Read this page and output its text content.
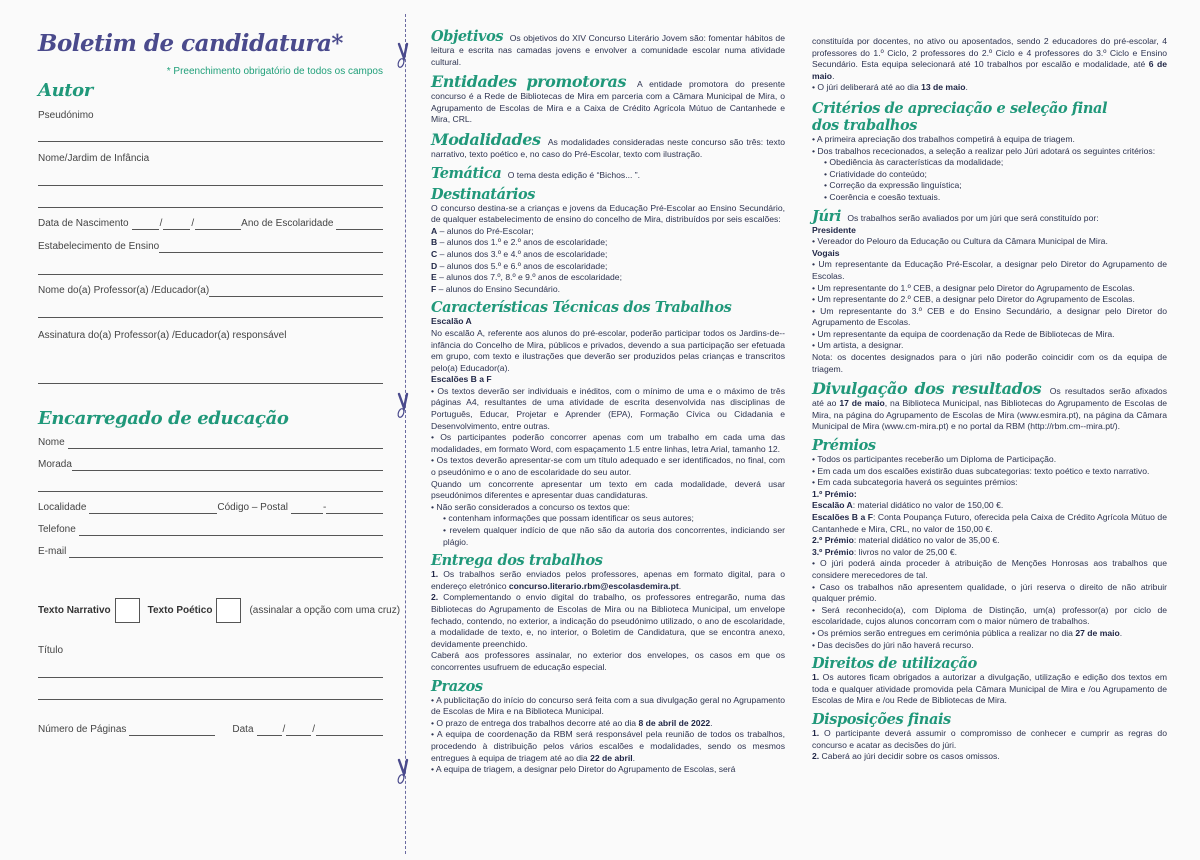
Boletim de candidatura*
* Preenchimento obrigatório de todos os campos
Autor
Pseudónimo
Nome/Jardim de Infância
Data de Nascimento	/	/	Ano de Escolaridade
Estabelecimento de Ensino
Nome do(a) Professor(a) /Educador(a)
Assinatura do(a) Professor(a) /Educador(a) responsável
Encarregado de educação
Nome
Morada
Localidade	Código – Postal	-
Telefone
E-mail
Texto Narrativo	Texto Poético	(assinalar a opção com uma cruz)
Título
Número de Páginas	Data	/	/
Objetivos Os objetivos do XIV Concurso Literário Jovem são: fomentar hábitos de leitura e escrita nas camadas jovens e envolver a comunidade escolar numa atividade cultural.
Entidades promotoras A entidade promotora do presente concurso é a Rede de Bibliotecas de Mira em parceria com a Câmara Municipal de Mira, o Agrupamento de Escolas de Mira e a Caixa de Crédito Agrícola Mútuo de Cantanhede e Mira, CRL.
Modalidades As modalidades consideradas neste concurso são três: texto narrativo, texto poético e, no caso do Pré-Escolar, texto com ilustração.
Temática O tema desta edição é “Bichos... ”.
Destinatários
O concurso destina-se a crianças e jovens da Educação Pré-Escolar ao Ensino Secundário, de qualquer estabelecimento de ensino do concelho de Mira, distribuídos por seis escalões:
A – alunos do Pré-Escolar;
B – alunos dos 1.º e 2.º anos de escolaridade;
C – alunos dos 3.º e 4.º anos de escolaridade;
D – alunos dos 5.º e 6.º anos de escolaridade;
E – alunos dos 7.º, 8.º e 9.º anos de escolaridade;
F – alunos do Ensino Secundário.
Características Técnicas dos Trabalhos
Escalão A
No escalão A, referente aos alunos do pré-escolar, poderão participar todos os Jardins-de--infância do Concelho de Mira, públicos e privados, devendo a sua participação ser efetuada em grupo, com texto e ilustrações que deverão ser produzidos pelas crianças e transcritos pelo(a) Educador(a).
Escalões B a F
• Os textos deverão ser individuais e inéditos, com o mínimo de uma e o máximo de três páginas A4, resultantes de uma atividade de escrita desenvolvida nas disciplinas de Português, Educar, Projetar e Aprender (EPA), Formação Cívica ou Cidadania e Desenvolvimento, entre outras.
• Os participantes poderão concorrer apenas com um trabalho em cada uma das modalidades, em formato Word, com espaçamento 1.5 entre linhas, letra Arial, tamanho 12.
• Os textos deverão apresentar-se com um título adequado e ser identificados, no final, com o pseudónimo e o ano de escolaridade do seu autor.
Quando um concorrente apresentar um texto em cada modalidade, deverá usar pseudónimos diferentes e apresentar duas candidaturas.
• Não serão considerados a concurso os textos que:
• contenham informações que possam identificar os seus autores;
• revelem qualquer indício de que não são da autoria dos concorrentes, indiciando ser plágio.
Entrega dos trabalhos
1. Os trabalhos serão enviados pelos professores, apenas em formato digital, para o endereço eletrónico concurso.literario.rbm@escolasdemira.pt.
2. Complementando o envio digital do trabalho, os professores entregarão, numa das Bibliotecas do Agrupamento de Escolas de Mira ou na Biblioteca Municipal, um envelope fechado, contendo, no exterior, a indicação do pseudónimo utilizado, o ano de escolaridade, a modalidade de texto, e, no interior, o Boletim de Candidatura, que se encontra anexo, devidamente preenchido.
Caberá aos professores assinalar, no exterior dos envelopes, os casos em que os concorrentes usufruem de educação especial.
Prazos
• A publicitação do início do concurso será feita com a sua divulgação geral no Agrupamento de Escolas de Mira e na Biblioteca Municipal.
• O prazo de entrega dos trabalhos decorre até ao dia 8 de abril de 2022.
• A equipa de coordenação da RBM será responsável pela reunião de todos os trabalhos, procedendo à distribuição pelos vários escalões e modalidades, sendo os mesmos entregues à equipa de triagem até ao dia 22 de abril.
• A equipa de triagem, a designar pelo Diretor do Agrupamento de Escolas, será
constituída por docentes, no ativo ou aposentados, sendo 2 educadores do pré-escolar, 4 professores do 1.º Ciclo, 2 professores do 2.º Ciclo e 4 professores do 3.º Ciclo e Ensino Secundário. Esta equipa selecionará até 10 trabalhos por escalão e modalidade, até 6 de maio.
• O júri deliberará até ao dia 13 de maio.
Critérios de apreciação e seleção final
dos trabalhos
• A primeira apreciação dos trabalhos competirá à equipa de triagem.
• Dos trabalhos rececionados, a seleção a realizar pelo Júri adotará os seguintes critérios:
• Obediência às características da modalidade;
• Criatividade do conteúdo;
• Correção da expressão linguística;
• Coerência e coesão textuais.
Júri Os trabalhos serão avaliados por um júri que será constituído por:
Presidente
• Vereador do Pelouro da Educação ou Cultura da Câmara Municipal de Mira.
Vogais
• Um representante da Educação Pré-Escolar, a designar pelo Diretor do Agrupamento de Escolas.
• Um representante do 1.º CEB, a designar pelo Diretor do Agrupamento de Escolas.
• Um representante do 2.º CEB, a designar pelo Diretor do Agrupamento de Escolas.
• Um representante do 3.º CEB e do Ensino Secundário, a designar pelo Diretor do Agrupamento de Escolas.
• Um representante da equipa de coordenação da Rede de Bibliotecas de Mira.
• Um artista, a designar.
Nota: os docentes designados para o júri não poderão coincidir com os da equipa de triagem.
Divulgação dos resultados Os resultados serão afixados até ao 17 de maio, na Biblioteca Municipal, nas Bibliotecas do Agrupamento de Escolas de Mira, na página do Agrupamento de Escolas de Mira (www.esmira.pt), na página da Câmara Municipal de Mira (www.cm-mira.pt) e no portal da RBM (http://rbm.cm--mira.pt/).
Prémios
• Todos os participantes receberão um Diploma de Participação.
• Em cada um dos escalões existirão duas subcategorias: texto poético e texto narrativo.
• Em cada subcategoria haverá os seguintes prémios:
1.º Prémio:
Escalão A: material didático no valor de 150,00 €.
Escalões B a F: Conta Poupança Futuro, oferecida pela Caixa de Crédito Agrícola Mútuo de Cantanhede e Mira, CRL, no valor de 150,00 €.
2.º Prémio: material didático no valor de 35,00 €.
3.º Prémio: livros no valor de 25,00 €.
• O júri poderá ainda proceder à atribuição de Menções Honrosas aos trabalhos que considere merecedores de tal.
• Caso os trabalhos não apresentem qualidade, o júri reserva o direito de não atribuir qualquer prémio.
• Será reconhecido(a), com Diploma de Distinção, um(a) professor(a) por ciclo de escolaridade, cujos alunos concorram com o maior número de trabalhos.
• Os prémios serão entregues em cerimónia pública a realizar no dia 27 de maio.
• Das decisões do júri não haverá recurso.
Direitos de utilização
1. Os autores ficam obrigados a autorizar a divulgação, utilização e edição dos textos em toda e qualquer atividade promovida pela Câmara Municipal de Mira e /ou Agrupamento de Escolas de Mira e /ou Rede de Bibliotecas de Mira.
Disposições finais
1. O participante deverá assumir o compromisso de conhecer e cumprir as regras do concurso e acatar as decisões do júri.
2. Caberá ao júri decidir sobre os casos omissos.
